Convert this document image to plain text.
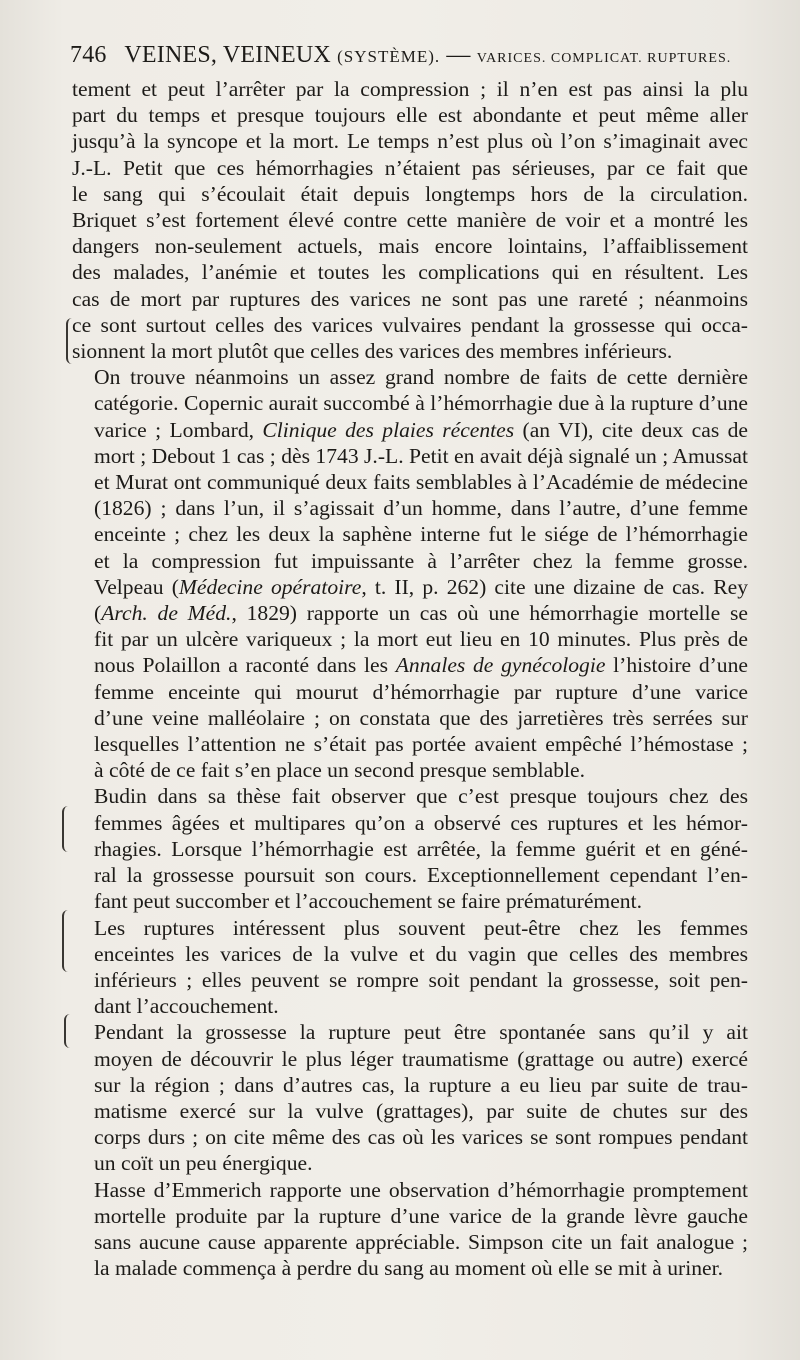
746 VEINES, VEINEUX (SYSTÈME). — VARICES. COMPLICAT. RUPTURES.

tement et peut l’arrêter par la compression ; il n’en est pas ainsi la plu
part du temps et presque toujours elle est abondante et peut même aller
jusqu’à la syncope et la mort. Le temps n’est plus où l’on s’imaginait avec
J.-L. Petit que ces hémorrhagies n’étaient pas sérieuses, par ce fait que
le sang qui s’écoulait était depuis longtemps hors de la circulation.
Briquet s’est fortement élevé contre cette manière de voir et a montré les
dangers non-seulement actuels, mais encore lointains, l’affaiblissement
des malades, l’anémie et toutes les complications qui en résultent. Les
cas de mort par ruptures des varices ne sont pas une rareté ; néanmoins
ce sont surtout celles des varices vulvaires pendant la grossesse qui occa-
sionnent la mort plutôt que celles des varices des membres inférieurs.

On trouve néanmoins un assez grand nombre de faits de cette dernière
catégorie. Copernic aurait succombé à l’hémorrhagie due à la rupture d’une
varice ; Lombard, Clinique des plaies récentes (an VI), cite deux cas de
mort ; Debout 1 cas ; dès 1743 J.-L. Petit en avait déjà signalé un ; Amussat
et Murat ont communiqué deux faits semblables à l’Académie de médecine
(1826) ; dans l’un, il s’agissait d’un homme, dans l’autre, d’une femme
enceinte ; chez les deux la saphène interne fut le siége de l’hémorrhagie
et la compression fut impuissante à l’arrêter chez la femme grosse.
Velpeau (Médecine opératoire, t. II, p. 262) cite une dizaine de cas. Rey
(Arch. de Méd., 1829) rapporte un cas où une hémorrhagie mortelle se
fit par un ulcère variqueux ; la mort eut lieu en 10 minutes. Plus près de
nous Polaillon a raconté dans les Annales de gynécologie l’histoire d’une
femme enceinte qui mourut d’hémorrhagie par rupture d’une varice
d’une veine malléolaire ; on constata que des jarretières très serrées sur
lesquelles l’attention ne s’était pas portée avaient empêché l’hémostase ;
à côté de ce fait s’en place un second presque semblable.

Budin dans sa thèse fait observer que c’est presque toujours chez des
femmes âgées et multipares qu’on a observé ces ruptures et les hémor-
rhagies. Lorsque l’hémorrhagie est arrêtée, la femme guérit et en géné-
ral la grossesse poursuit son cours. Exceptionnellement cependant l’en-
fant peut succomber et l’accouchement se faire prématurément.

Les ruptures intéressent plus souvent peut-être chez les femmes
enceintes les varices de la vulve et du vagin que celles des membres
inférieurs ; elles peuvent se rompre soit pendant la grossesse, soit pen-
dant l’accouchement.

Pendant la grossesse la rupture peut être spontanée sans qu’il y ait
moyen de découvrir le plus léger traumatisme (grattage ou autre) exercé
sur la région ; dans d’autres cas, la rupture a eu lieu par suite de trau-
matisme exercé sur la vulve (grattages), par suite de chutes sur des
corps durs ; on cite même des cas où les varices se sont rompues pendant
un coït un peu énergique.

Hasse d’Emmerich rapporte une observation d’hémorrhagie promptement
mortelle produite par la rupture d’une varice de la grande lèvre gauche
sans aucune cause apparente appréciable. Simpson cite un fait analogue ;
la malade commença à perdre du sang au moment où elle se mit à uriner.
